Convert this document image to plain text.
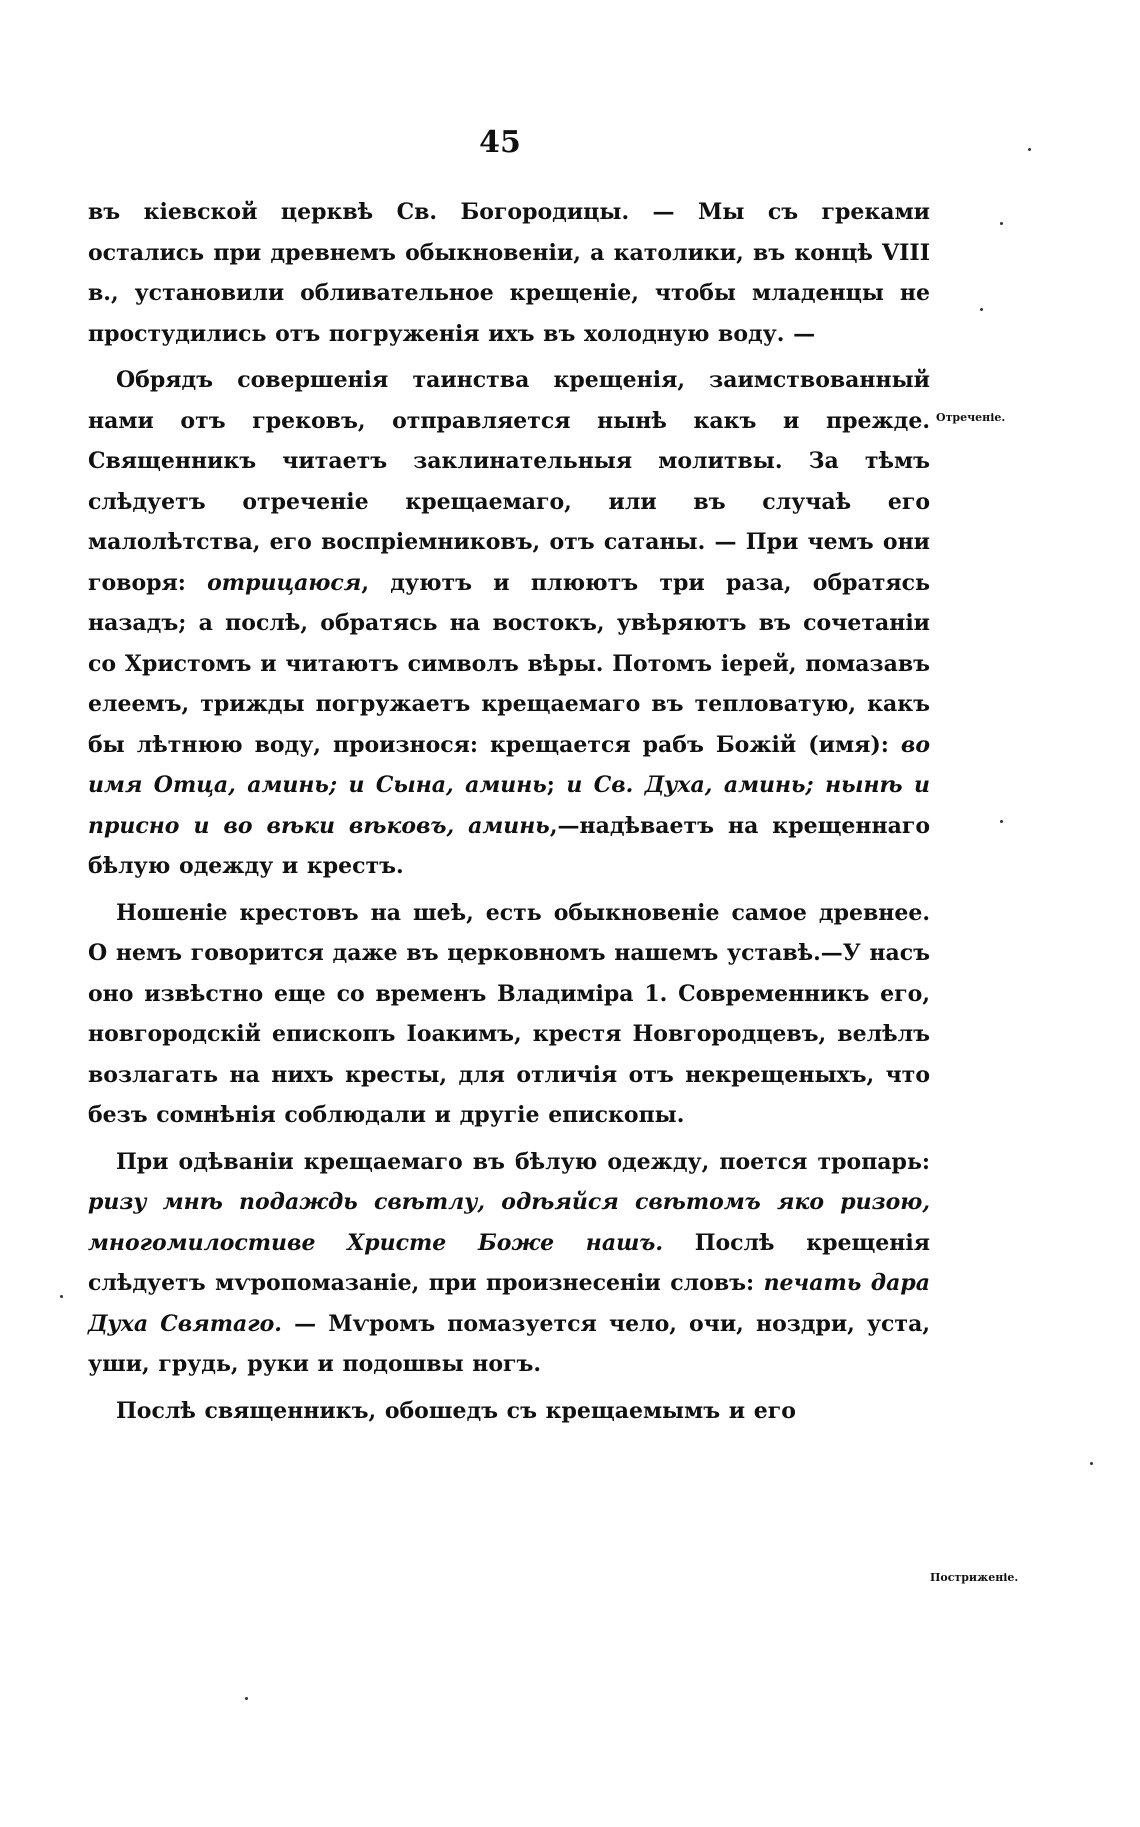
45

въ кіевской церквѣ Св. Богородицы. — Мы съ греками остались при древнемъ обыкновеніи, а католики, въ концѣ VIII в., установили обливательное крещеніе, чтобы младенцы не простудились отъ погруженія ихъ въ холодную воду. —

Обрядъ совершенія таинства крещенія, заимствованный нами отъ грековъ, отправляется нынѣ какъ и прежде. Священникъ читаетъ заклинательныя молитвы. За тѣмъ слѣдуетъ отреченіе крещаемаго, или въ случаѣ его малолѣтства, его воспріемниковъ, отъ сатаны. — При чемъ они говоря: отрицаюся, дуютъ и плюютъ три раза, обратясь назадъ; а послѣ, обратясь на востокъ, увѣряютъ въ сочетаніи со Христомъ и читаютъ символъ вѣры. Потомъ іерей, помазавъ елеемъ, трижды погружаетъ крещаемаго въ тепловатую, какъ бы лѣтнюю воду, произнося: крещается рабъ Божій (имя): во имя Отца, аминь; и Сына, аминь; и Св. Духа, аминь; нынѣ и присно и во вѣки вѣковъ, аминь,—надѣваетъ на крещеннаго бѣлую одежду и крестъ.

Ношеніе крестовъ на шеѣ, есть обыкновеніе самое древнее. О немъ говорится даже въ церковномъ нашемъ уставѣ.—У насъ оно извѣстно еще со временъ Владиміра 1. Современникъ его, новгородскій епископъ Іоакимъ, крестя Новгородцевъ, велѣлъ возлагать на нихъ кресты, для отличія отъ некрещеныхъ, что безъ сомнѣнія соблюдали и другіе епископы.

При одѣваніи крещаемаго въ бѣлую одежду, поется тропарь: ризу мнѣ подаждь свѣтлу, одѣяйся свѣтомъ яко ризою, многомилостиве Христе Боже нашъ. Послѣ крещенія слѣдуетъ мѵропомазаніе, при произнесеніи словъ: печать дара Духа Святаго. — Мѵромъ помазуется чело, очи, ноздри, уста, уши, грудь, руки и подошвы ногъ.

Послѣ священникъ, обошедъ съ крещаемымъ и его

Отреченіе.
Постриженіе.
